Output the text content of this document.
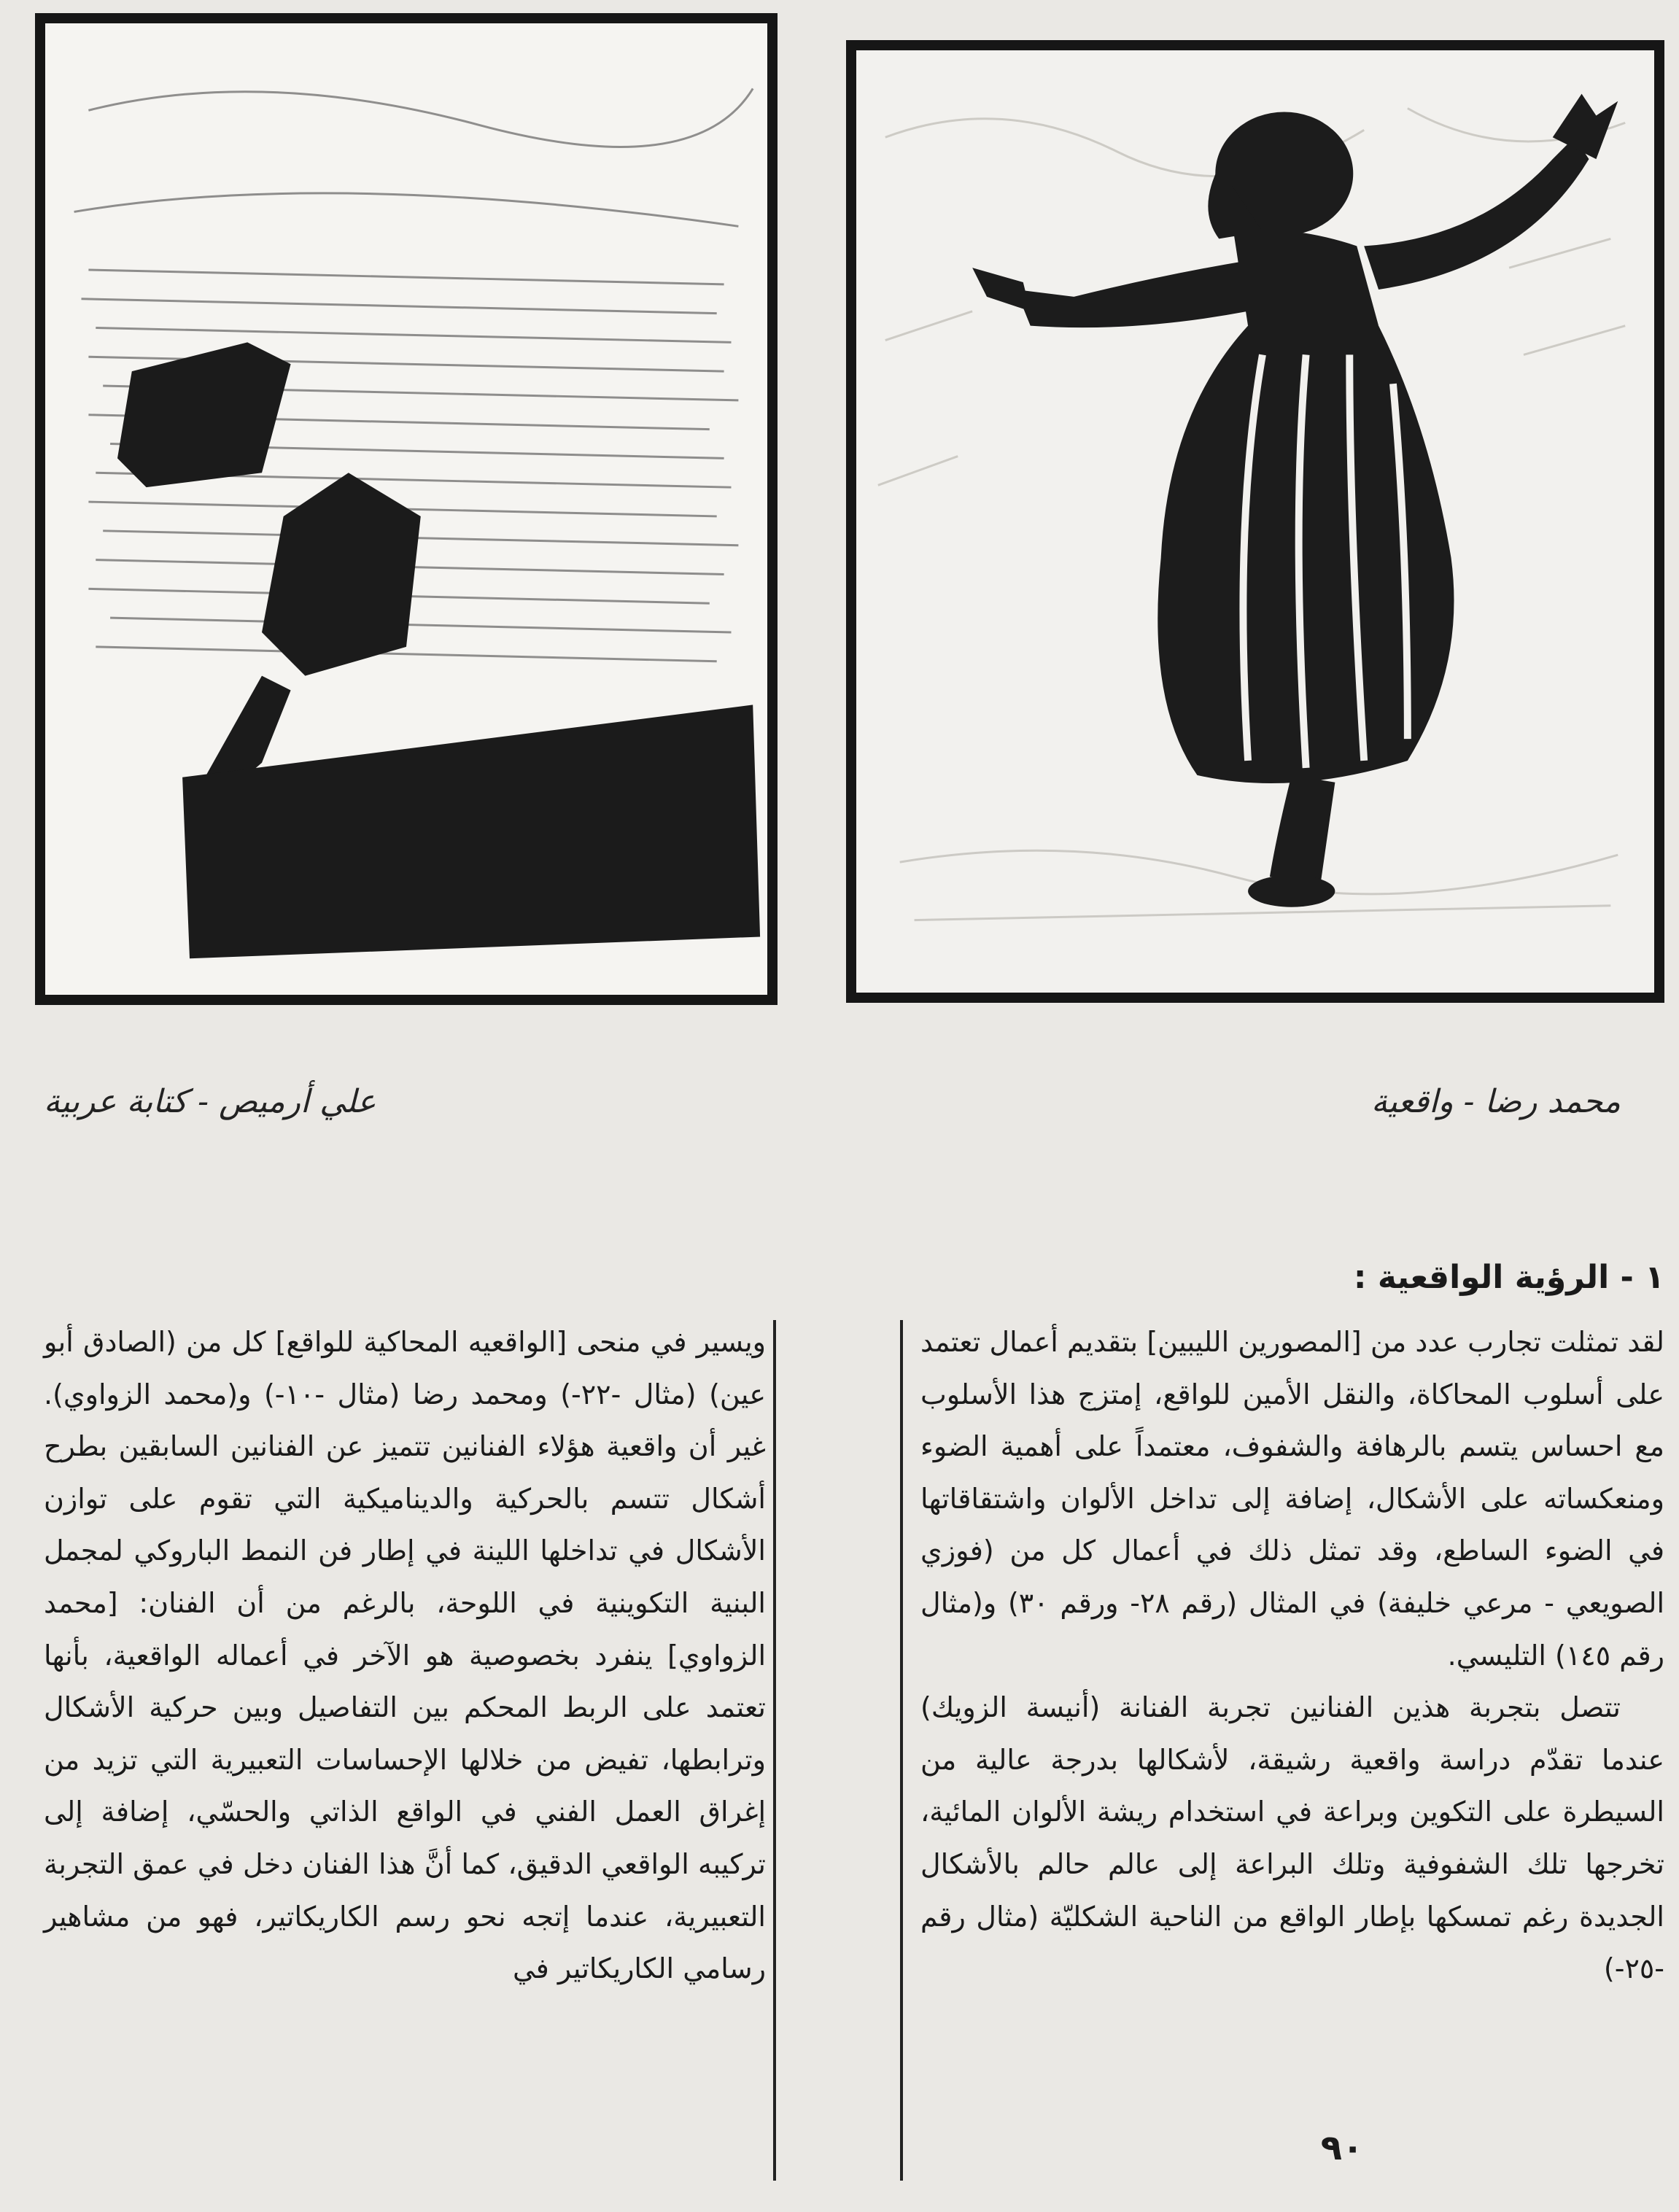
محمد رضا - واقعية
علي أرميص - كتابة عربية
١ - الرؤية الواقعية :

لقد تمثلت تجارب عدد من [المصورين الليبين] بتقديم أعمال تعتمد على أسلوب المحاكاة، والنقل الأمين للواقع، إمتزج هذا الأسلوب مع احساس يتسم بالرهافة والشفوف، معتمداً على أهمية الضوء ومنعكساته على الأشكال، إضافة إلى تداخل الألوان واشتقاقاتها في الضوء الساطع، وقد تمثل ذلك في أعمال كل من (فوزي الصويعي - مرعي خليفة) في المثال (رقم ٢٨- ورقم ٣٠) و(مثال رقم ١٤٥) التليسي.

تتصل بتجربة هذين الفنانين تجربة الفنانة (أنيسة الزويك) عندما تقدّم دراسة واقعية رشيقة، لأشكالها بدرجة عالية من السيطرة على التكوين وبراعة في استخدام ريشة الألوان المائية، تخرجها تلك الشفوفية وتلك البراعة إلى عالم حالم بالأشكال الجديدة رغم تمسكها بإطار الواقع من الناحية الشكليّة (مثال رقم -٢٥-)

ويسير في منحى [الواقعيه المحاكية للواقع] كل من (الصادق أبو عين) (مثال -٢٢-) ومحمد رضا (مثال -١٠-) و(محمد الزواوي). غير أن واقعية هؤلاء الفنانين تتميز عن الفنانين السابقين بطرح أشكال تتسم بالحركية والديناميكية التي تقوم على توازن الأشكال في تداخلها اللينة في إطار فن النمط الباروكي لمجمل البنية التكوينية في اللوحة، بالرغم من أن الفنان: [محمد الزواوي] ينفرد بخصوصية هو الآخر في أعماله الواقعية، بأنها تعتمد على الربط المحكم بين التفاصيل وبين حركية الأشكال وترابطها، تفيض من خلالها الإحساسات التعبيرية التي تزيد من إغراق العمل الفني في الواقع الذاتي والحسّي، إضافة إلى تركيبه الواقعي الدقيق، كما أنَّ هذا الفنان دخل في عمق التجربة التعبيرية، عندما إتجه نحو رسم الكاريكاتير، فهو من مشاهير رسامي الكاريكاتير في

٩٠
